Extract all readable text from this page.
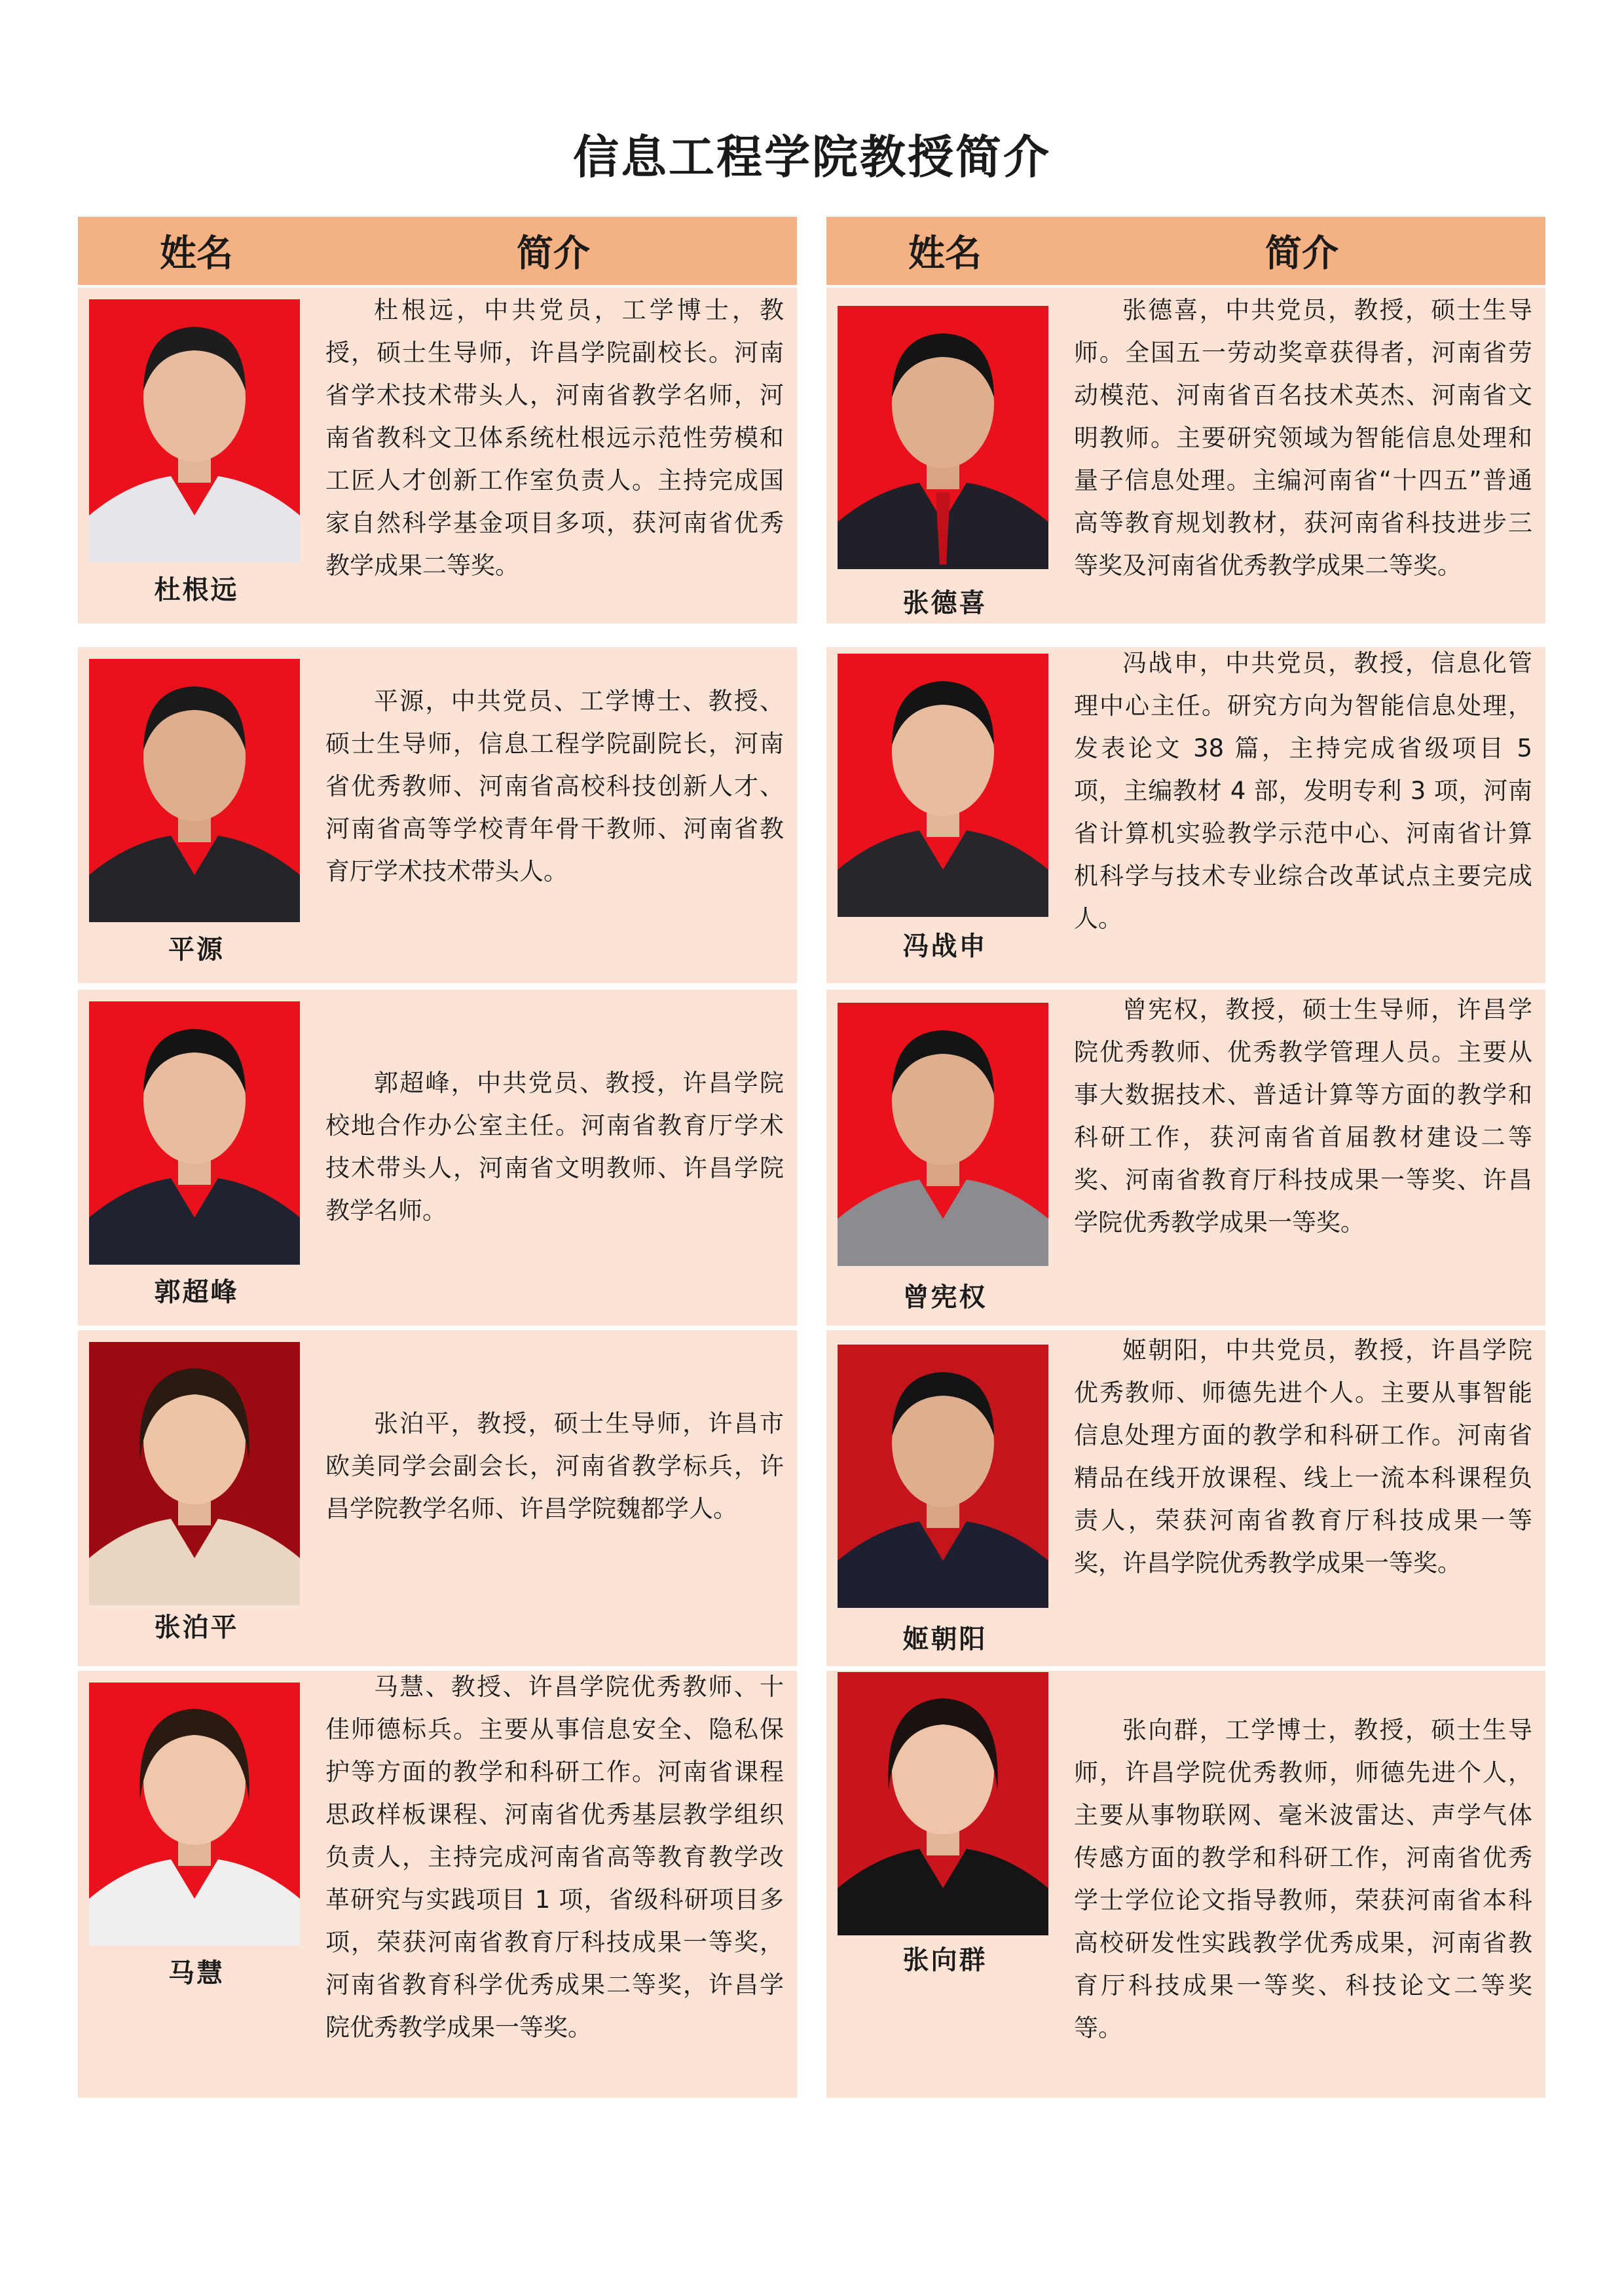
信息工程学院教授简介
姓名	简介
杜根远

杜根远，中共党员，工学博士，教授，硕士生导师，许昌学院副校长。河南省学术技术带头人，河南省教学名师，河南省教科文卫体系统杜根远示范性劳模和工匠人才创新工作室负责人。主持完成国家自然科学基金项目多项，获河南省优秀教学成果二等奖。

平源

平源，中共党员、工学博士、教授、硕士生导师，信息工程学院副院长，河南省优秀教师、河南省高校科技创新人才、河南省高等学校青年骨干教师、河南省教育厅学术技术带头人。

郭超峰

郭超峰，中共党员、教授，许昌学院校地合作办公室主任。河南省教育厅学术技术带头人，河南省文明教师、许昌学院教学名师。

张泊平

张泊平，教授，硕士生导师，许昌市欧美同学会副会长，河南省教学标兵，许昌学院教学名师、许昌学院魏都学人。

马慧

马慧、教授、许昌学院优秀教师、十佳师德标兵。主要从事信息安全、隐私保护等方面的教学和科研工作。河南省课程思政样板课程、河南省优秀基层教学组织负责人，主持完成河南省高等教育教学改革研究与实践项目 1 项，省级科研项目多项，荣获河南省教育厅科技成果一等奖，河南省教育科学优秀成果二等奖，许昌学院优秀教学成果一等奖。

姓名	简介
张德喜

张德喜，中共党员，教授，硕士生导师。全国五一劳动奖章获得者，河南省劳动模范、河南省百名技术英杰、河南省文明教师。主要研究领域为智能信息处理和量子信息处理。主编河南省“十四五”普通高等教育规划教材，获河南省科技进步三等奖及河南省优秀教学成果二等奖。

冯战申

冯战申，中共党员，教授，信息化管理中心主任。研究方向为智能信息处理，发表论文 38 篇，主持完成省级项目 5 项，主编教材 4 部，发明专利 3 项，河南省计算机实验教学示范中心、河南省计算机科学与技术专业综合改革试点主要完成人。

曾宪权

曾宪权，教授，硕士生导师，许昌学院优秀教师、优秀教学管理人员。主要从事大数据技术、普适计算等方面的教学和科研工作，获河南省首届教材建设二等奖、河南省教育厅科技成果一等奖、许昌学院优秀教学成果一等奖。

姬朝阳

姬朝阳，中共党员，教授，许昌学院优秀教师、师德先进个人。主要从事智能信息处理方面的教学和科研工作。河南省精品在线开放课程、线上一流本科课程负责人，荣获河南省教育厅科技成果一等奖，许昌学院优秀教学成果一等奖。

张向群

张向群，工学博士，教授，硕士生导师，许昌学院优秀教师，师德先进个人，主要从事物联网、毫米波雷达、声学气体传感方面的教学和科研工作，河南省优秀学士学位论文指导教师，荣获河南省本科高校研发性实践教学优秀成果，河南省教育厅科技成果一等奖、科技论文二等奖等。
